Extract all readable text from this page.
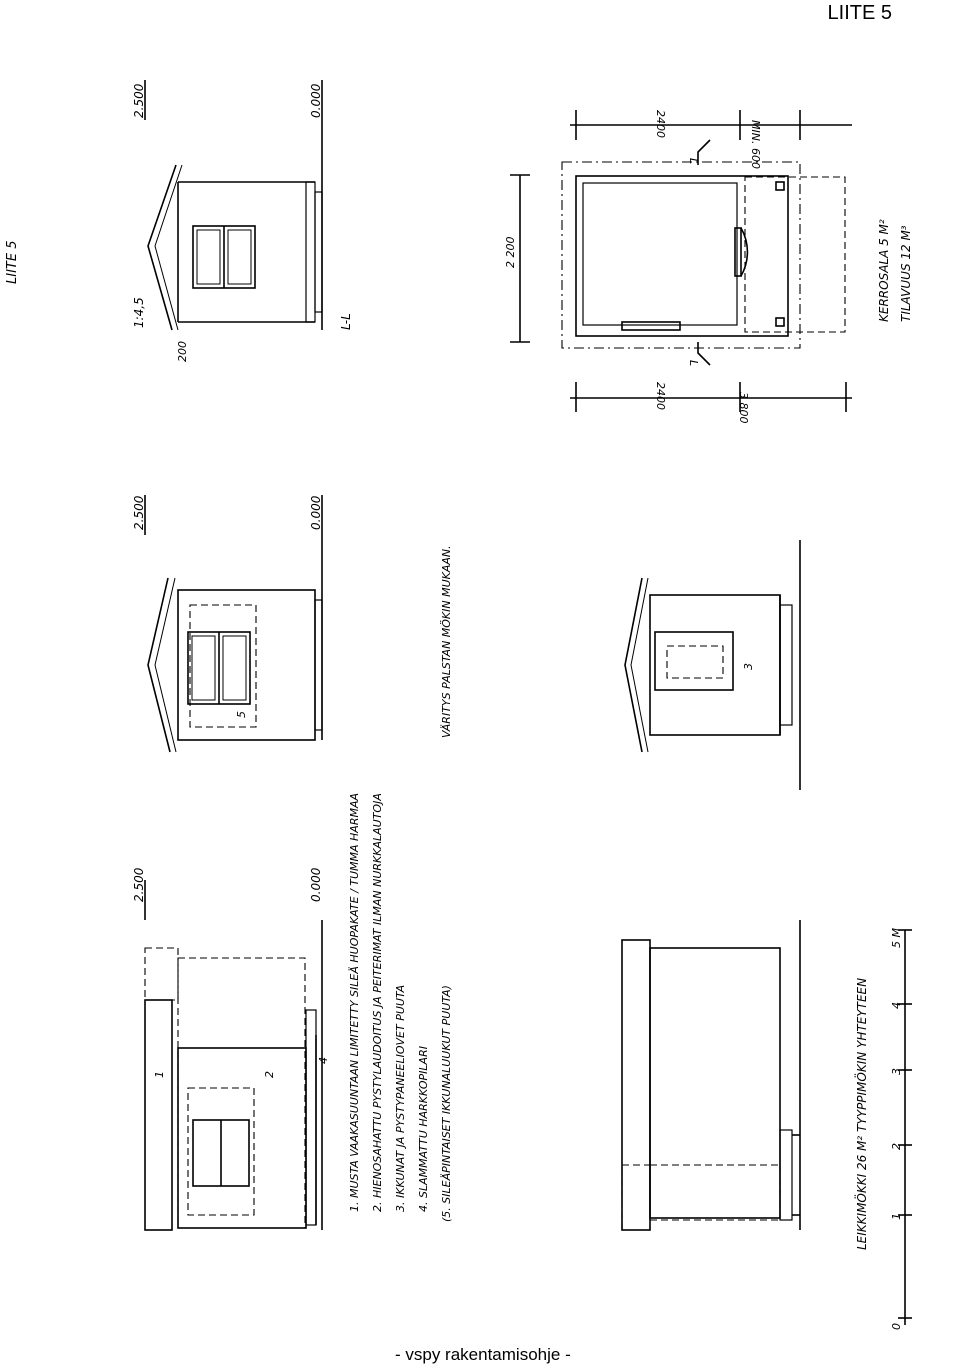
LIITE 5
LIITE 5
2.500	0.000
1:4,5
200
L-L
2.500	0.000
5
2.500	0.000
1	2
4 1. MUSTA VAAKASUUNTAAN LIMITETTY SILEÄ HUOPAKATE / TUMMA HARMAA 2. HIENOSAHATTU PYSTYLAUDOITUS JA PEITERIMAT ILMAN NURKKALAUTOJA 3. IKKUNAT JA PYSTYPANEELIOVET PUUTA 4. SLAMMATTU HARKKOPILARI (5. SILEÄPINTAISET IKKUNALUUKUT PUUTA)
VÄRITYS PALSTAN MÖKIN MUKAAN.
2 200
3 800
2400
2400	MIN. 600
L
L
KERROSALA 5 M² TILAVUUS 12 M³
3
LEIKKIMÖKKI 26 M² TYYPPIMÖKIN YHTEYTEEN
0
1
2
3
4
5 M
- vspy rakentamisohje -
